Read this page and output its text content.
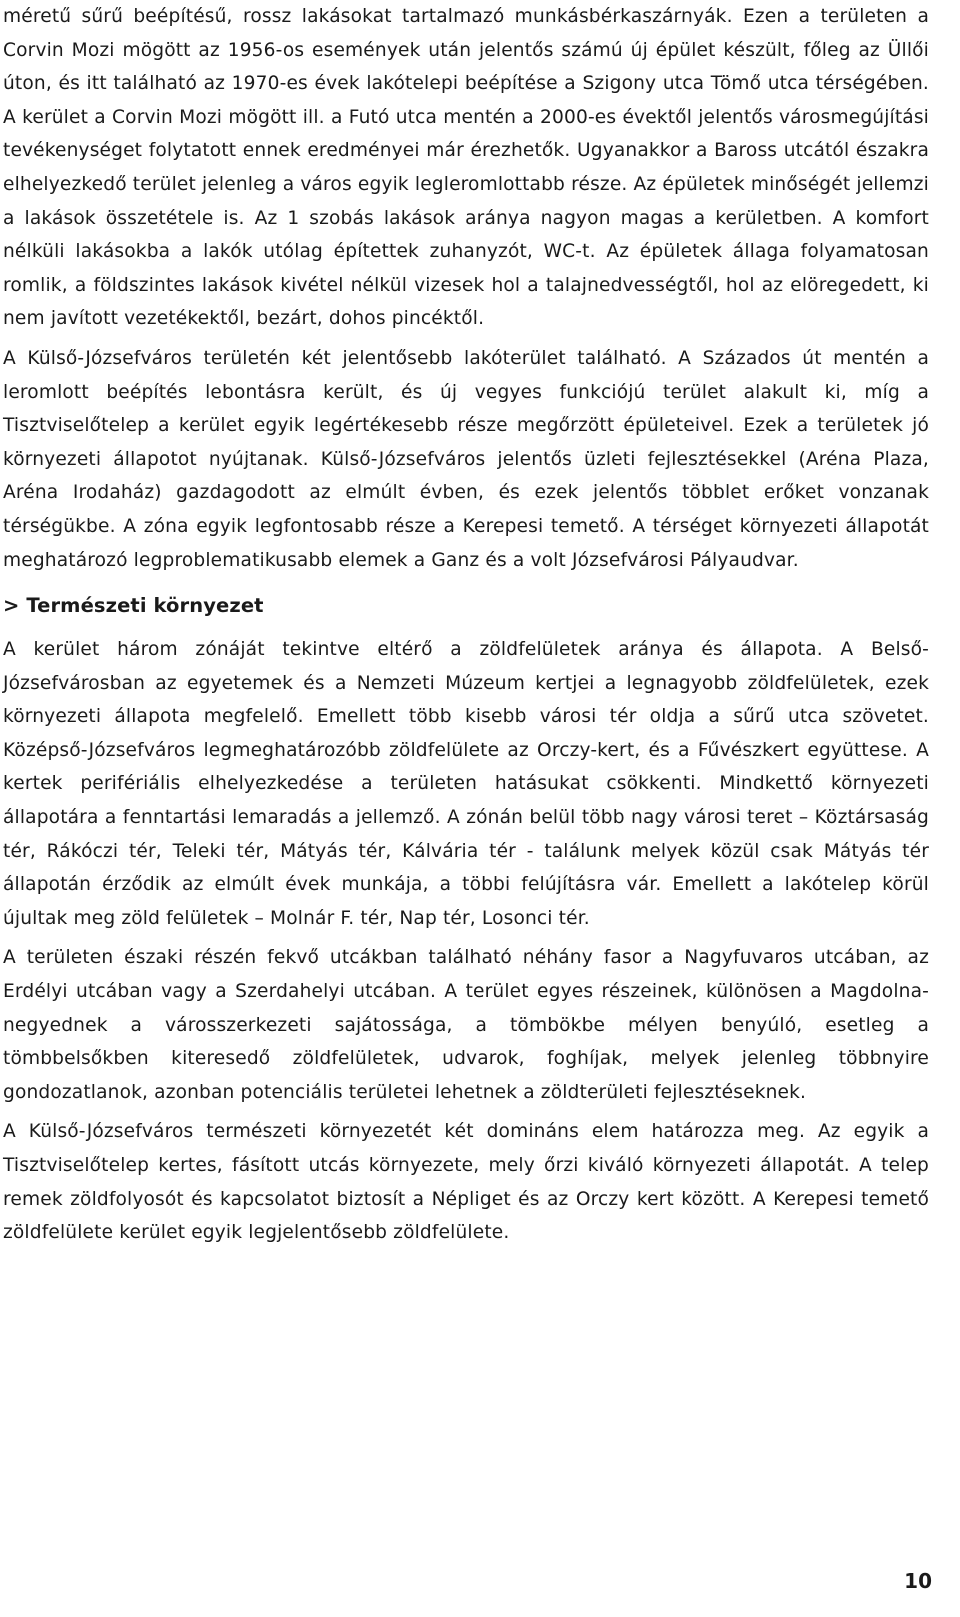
méretű sűrű beépítésű, rossz lakásokat tartalmazó munkásbérkaszárnyák. Ezen a területen a Corvin Mozi mögött az 1956-os események után jelentős számú új épület készült, főleg az Üllői úton, és itt található az 1970-es évek lakótelepi beépítése a Szigony utca Tömő utca térségében. A kerület a Corvin Mozi mögött ill. a Futó utca mentén a 2000-es évektől jelentős városmegújítási tevékenységet folytatott ennek eredményei már érezhetők. Ugyanakkor a Baross utcától északra elhelyezkedő terület jelenleg a város egyik legleromlottabb része. Az épületek minőségét jellemzi a lakások összetétele is. Az 1 szobás lakások aránya nagyon magas a kerületben. A komfort nélküli lakásokba a lakók utólag építettek zuhanyzót, WC-t. Az épületek állaga folyamatosan romlik, a földszintes lakások kivétel nélkül vizesek hol a talajnedvességtől, hol az elöregedett, ki nem javított vezetékektől, bezárt, dohos pincéktől.

A Külső-Józsefváros területén két jelentősebb lakóterület található. A Százados út mentén a leromlott beépítés lebontásra került, és új vegyes funkciójú terület alakult ki, míg a Tisztviselőtelep a kerület egyik legértékesebb része megőrzött épületeivel. Ezek a területek jó környezeti állapotot nyújtanak. Külső-Józsefváros jelentős üzleti fejlesztésekkel (Aréna Plaza, Aréna Irodaház) gazdagodott az elmúlt évben, és ezek jelentős többlet erőket vonzanak térségükbe. A zóna egyik legfontosabb része a Kerepesi temető. A térséget környezeti állapotát meghatározó legproblematikusabb elemek a Ganz és a volt Józsefvárosi Pályaudvar.

> Természeti környezet

A kerület három zónáját tekintve eltérő a zöldfelületek aránya és állapota. A Belső-Józsefvárosban az egyetemek és a Nemzeti Múzeum kertjei a legnagyobb zöldfelületek, ezek környezeti állapota megfelelő. Emellett több kisebb városi tér oldja a sűrű utca szövetet. Középső-Józsefváros legmeghatározóbb zöldfelülete az Orczy-kert, és a Fűvészkert együttese. A kertek perifériális elhelyezkedése a területen hatásukat csökkenti. Mindkettő környezeti állapotára a fenntartási lemaradás a jellemző. A zónán belül több nagy városi teret – Köztársaság tér, Rákóczi tér, Teleki tér, Mátyás tér, Kálvária tér - találunk melyek közül csak Mátyás tér állapotán érződik az elmúlt évek munkája, a többi felújításra vár. Emellett a lakótelep körül újultak meg zöld felületek – Molnár F. tér, Nap tér, Losonci tér.

A területen északi részén fekvő utcákban található néhány fasor a Nagyfuvaros utcában, az Erdélyi utcában vagy a Szerdahelyi utcában. A terület egyes részeinek, különösen a Magdolna-negyednek a városszerkezeti sajátossága, a tömbökbe mélyen benyúló, esetleg a tömbbelsőkben kiteresedő zöldfelületek, udvarok, foghíjak, melyek jelenleg többnyire gondozatlanok, azonban potenciális területei lehetnek a zöldterületi fejlesztéseknek.

A Külső-Józsefváros természeti környezetét két domináns elem határozza meg. Az egyik a Tisztviselőtelep kertes, fásított utcás környezete, mely őrzi kiváló környezeti állapotát. A telep remek zöldfolyosót és kapcsolatot biztosít a Népliget és az Orczy kert között. A Kerepesi temető zöldfelülete kerület egyik legjelentősebb zöldfelülete.

10
